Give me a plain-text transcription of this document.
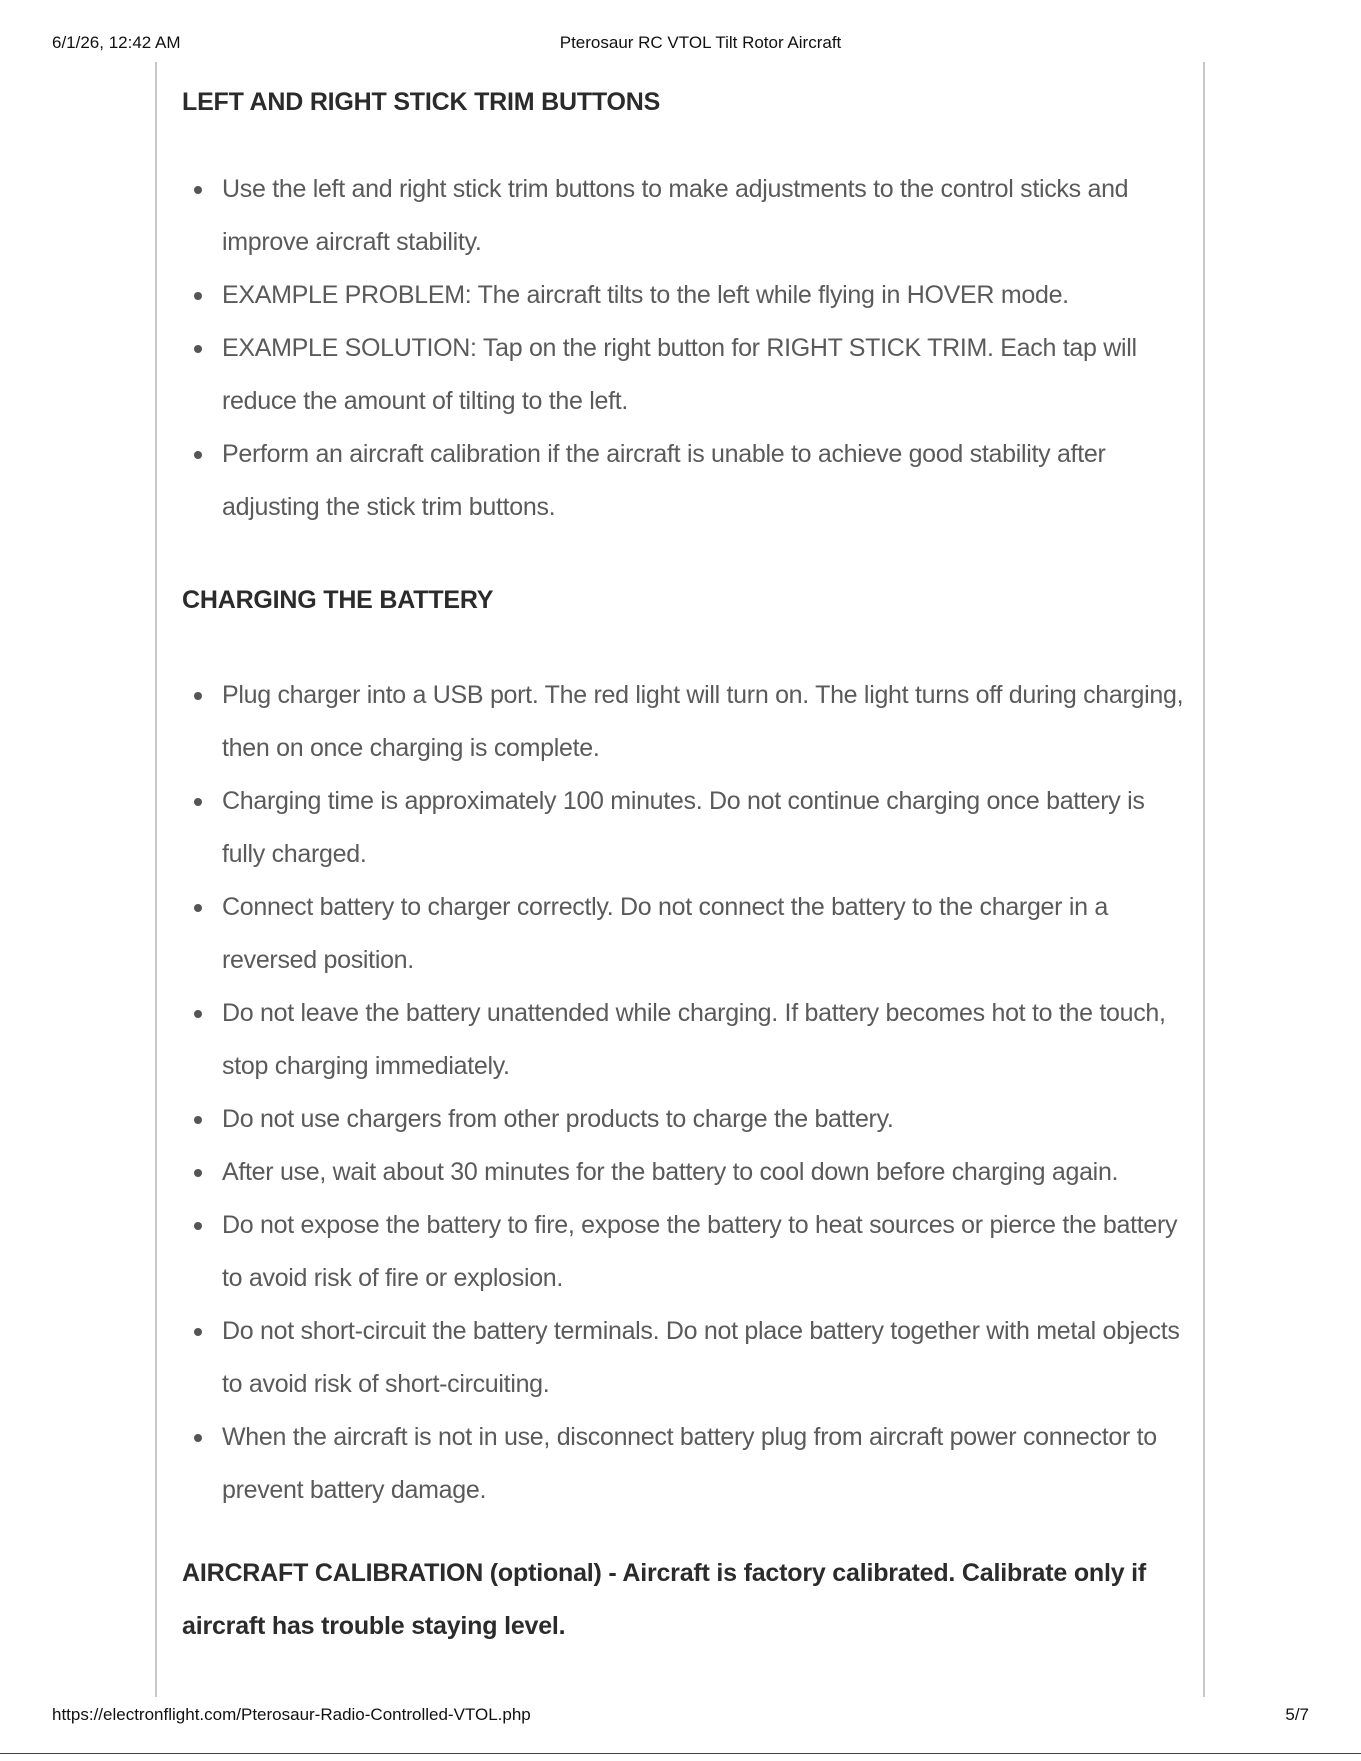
6/1/26, 12:42 AM	Pterosaur RC VTOL Tilt Rotor Aircraft
LEFT AND RIGHT STICK TRIM BUTTONS
Use the left and right stick trim buttons to make adjustments to the control sticks and improve aircraft stability.
EXAMPLE PROBLEM: The aircraft tilts to the left while flying in HOVER mode.
EXAMPLE SOLUTION: Tap on the right button for RIGHT STICK TRIM. Each tap will reduce the amount of tilting to the left.
Perform an aircraft calibration if the aircraft is unable to achieve good stability after adjusting the stick trim buttons.
CHARGING THE BATTERY
Plug charger into a USB port. The red light will turn on. The light turns off during charging, then on once charging is complete.
Charging time is approximately 100 minutes. Do not continue charging once battery is fully charged.
Connect battery to charger correctly. Do not connect the battery to the charger in a reversed position.
Do not leave the battery unattended while charging. If battery becomes hot to the touch, stop charging immediately.
Do not use chargers from other products to charge the battery.
After use, wait about 30 minutes for the battery to cool down before charging again.
Do not expose the battery to fire, expose the battery to heat sources or pierce the battery to avoid risk of fire or explosion.
Do not short-circuit the battery terminals. Do not place battery together with metal objects to avoid risk of short-circuiting.
When the aircraft is not in use, disconnect battery plug from aircraft power connector to prevent battery damage.
AIRCRAFT CALIBRATION (optional) - Aircraft is factory calibrated. Calibrate only if aircraft has trouble staying level.
https://electronflight.com/Pterosaur-Radio-Controlled-VTOL.php	5/7
